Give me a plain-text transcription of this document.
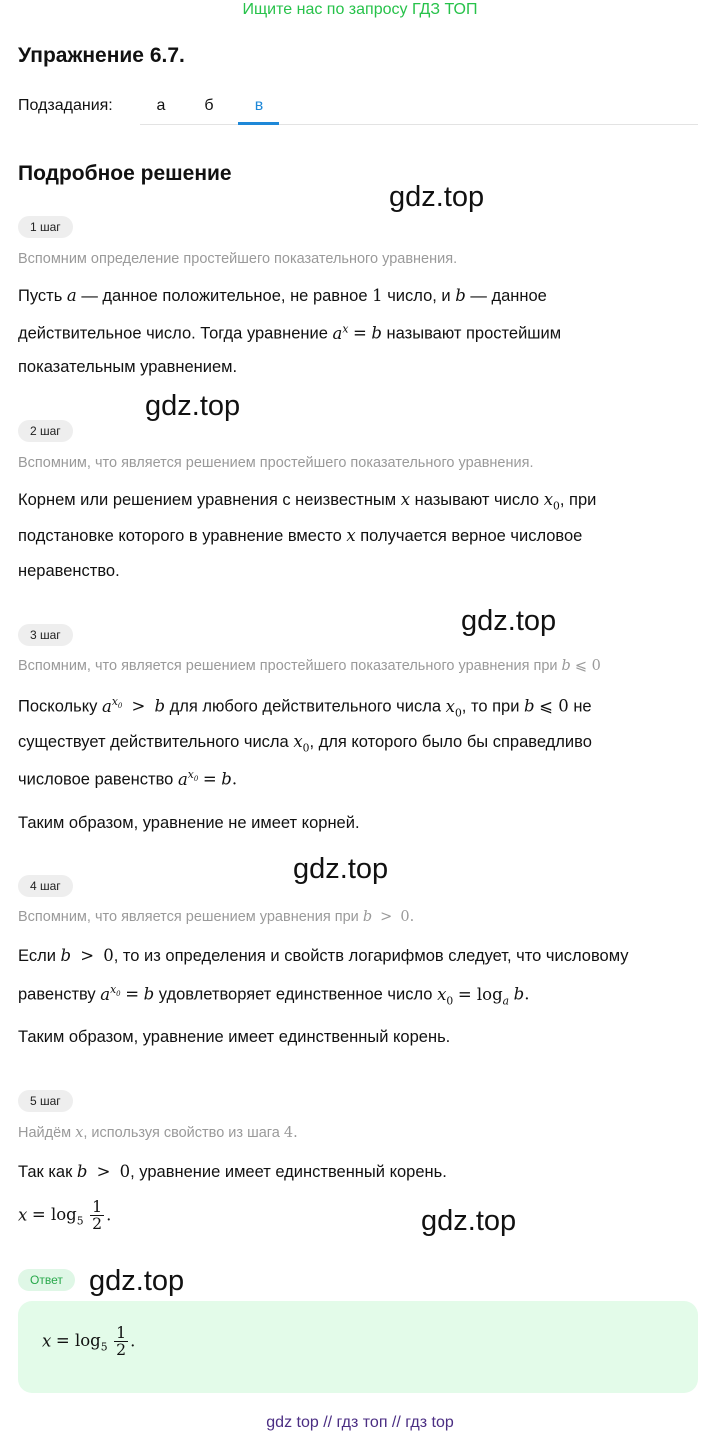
Ищите нас по запросу ГДЗ ТОП
Упражнение 6.7.
Подзадания:	а б	в
Подробное решение
gdz.top
gdz.top
gdz.top
gdz.top
gdz.top
gdz.top
1 шаг
Вспомним определение простейшего показательного уравнения.
Пусть a — данное положительное, не равное 1 число, и b — данное
действительное число. Тогда уравнение $a^x = b$ называют простейшим
показательным уравнением.
2 шаг
Вспомним, что является решением простейшего показательного уравнения.
Корнем или решением уравнения с неизвестным x называют число $x_0$, при
подстановке которого в уравнение вместо x получается верное числовое
неравенство.
3 шаг
Вспомним, что является решением простейшего показательного уравнения при b ⩽ 0
Поскольку $a^{x_0} > b$ для любого действительного числа $x_0$, то при b ⩽ 0 не
существует действительного числа $x_0$, для которого было бы справедливо
числовое равенство $a^{x_0} = b$.
Таким образом, уравнение не имеет корней.
4 шаг
Вспомним, что является решением уравнения при b > 0.
Если b > 0, то из определения и свойств логарифмов следует, что числовому
равенству $a^{x_0} = b$ удовлетворяет единственное число $x_0 = \log_a b$.
Таким образом, уравнение имеет единственный корень.
5 шаг
Найдём x, используя свойство из шага 4.
Так как b > 0, уравнение имеет единственный корень.
$x = \log_5 \frac{1}{2}$ .
Ответ
$x = \log_5 \frac{1}{2}$ .
gdz top // гдз топ // гдз top
